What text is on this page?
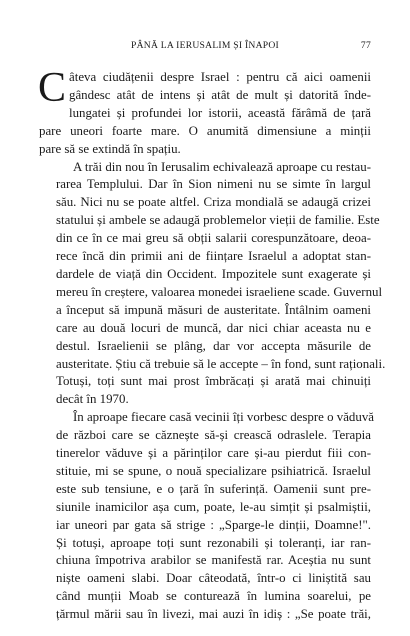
PÂNĂ LA IERUSALIM ȘI ÎNAPOI	77

C âteva ciudățenii despre Israel : pentru că aici oamenii
gândesc atât de intens și atât de mult și datorită înde-
lungatei și profundei lor istorii, această fărâmă de țară
pare uneori foarte mare. O anumită dimensiune a minții
pare să se extindă în spațiu.

A trăi din nou în Ierusalim echivalează aproape cu restau-
rarea Templului. Dar în Sion nimeni nu se simte în largul
său. Nici nu se poate altfel. Criza mondială se adaugă crizei
statului și ambele se adaugă problemelor vieții de familie. Este
din ce în ce mai greu să obții salarii corespunzătoare, deoa-
rece încă din primii ani de ființare Israelul a adoptat stan-
dardele de viață din Occident. Impozitele sunt exagerate și
mereu în creștere, valoarea monedei israeliene scade. Guvernul
a început să impună măsuri de austeritate. Întâlnim oameni
care au două locuri de muncă, dar nici chiar aceasta nu e
destul. Israelienii se plâng, dar vor accepta măsurile de
austeritate. Știu că trebuie să le accepte – în fond, sunt raționali.
Totuși, toți sunt mai prost îmbrăcați și arată mai chinuiți
decât în 1970.

În aproape fiecare casă vecinii îți vorbesc despre o văduvă
de război care se căznește să-și crească odraslele. Terapia
tinerelor văduve și a părinților care și-au pierdut fiii con-
stituie, mi se spune, o nouă specializare psihiatrică. Israelul
este sub tensiune, e o țară în suferință. Oamenii sunt pre-
siunile inamicilor așa cum, poate, le-au simțit și psalmiștii,
iar uneori par gata să strige : „Sparge-le dinții, Doamne!".
Și totuși, aproape toți sunt rezonabili și toleranți, iar ran-
chiuna împotriva arabilor se manifestă rar. Aceștia nu sunt
niște oameni slabi. Doar câteodată, într-o ci liniștită sau
când munții Moab se conturează în lumina soarelui, pe
țărmul mării sau în livezi, mai auzi în idiș : „Se poate trăi,
